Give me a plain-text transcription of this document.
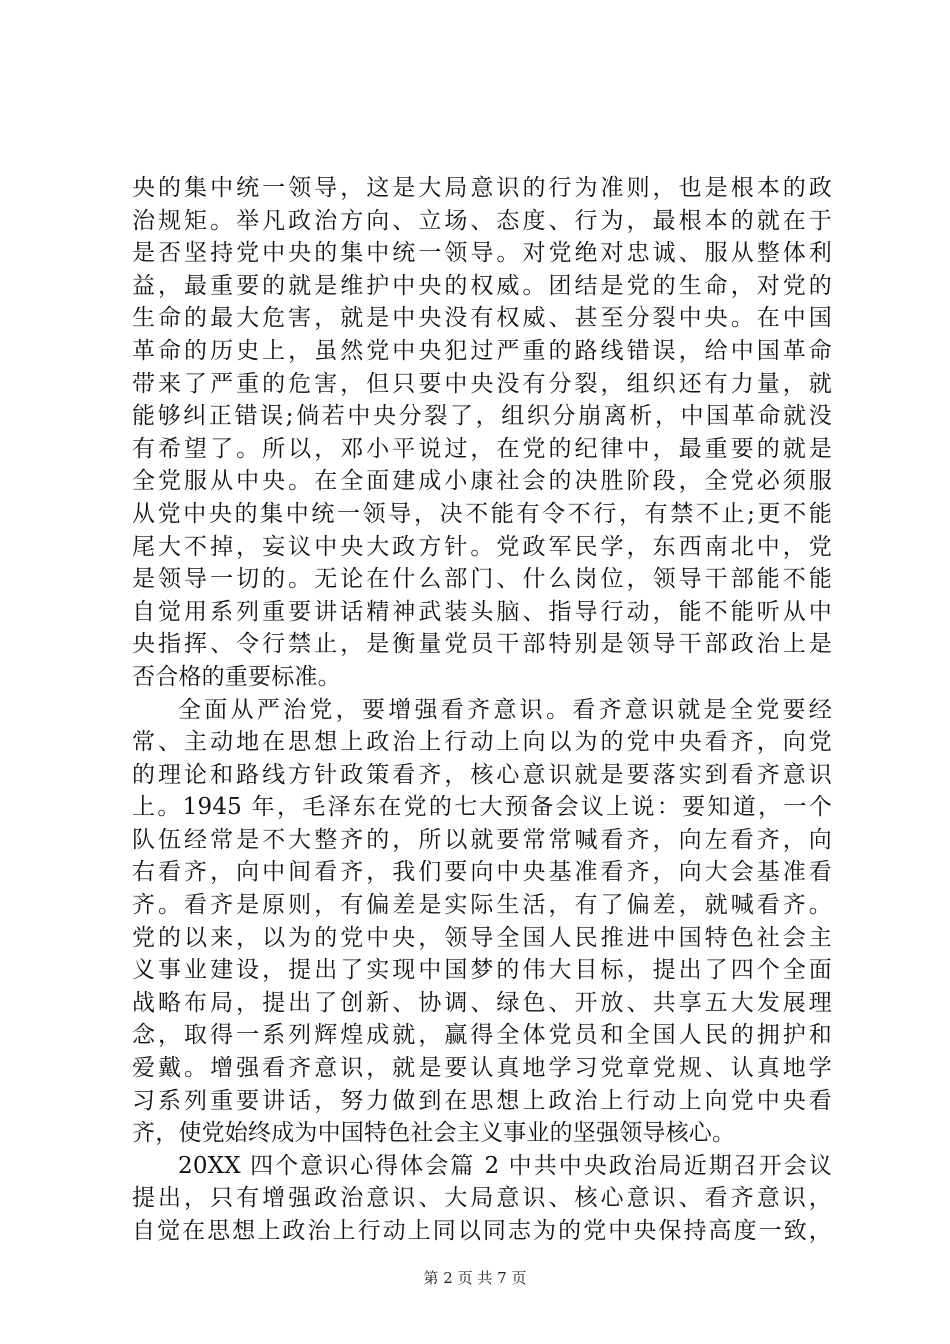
央的集中统一领导，这是大局意识的行为准则，也是根本的政
治规矩。举凡政治方向、立场、态度、行为，最根本的就在于
是否坚持党中央的集中统一领导。对党绝对忠诚、服从整体利
益，最重要的就是维护中央的权威。团结是党的生命，对党的
生命的最大危害，就是中央没有权威、甚至分裂中央。在中国
革命的历史上，虽然党中央犯过严重的路线错误，给中国革命
带来了严重的危害，但只要中央没有分裂，组织还有力量，就
能够纠正错误;倘若中央分裂了，组织分崩离析，中国革命就没
有希望了。所以，邓小平说过，在党的纪律中，最重要的就是
全党服从中央。在全面建成小康社会的决胜阶段，全党必须服
从党中央的集中统一领导，决不能有令不行，有禁不止;更不能
尾大不掉，妄议中央大政方针。党政军民学，东西南北中，党
是领导一切的。无论在什么部门、什么岗位，领导干部能不能
自觉用系列重要讲话精神武装头脑、指导行动，能不能听从中
央指挥、令行禁止，是衡量党员干部特别是领导干部政治上是
否合格的重要标准。
全面从严治党，要增强看齐意识。看齐意识就是全党要经
常、主动地在思想上政治上行动上向以为的党中央看齐，向党
的理论和路线方针政策看齐，核心意识就是要落实到看齐意识
上。1945 年，毛泽东在党的七大预备会议上说：要知道，一个
队伍经常是不大整齐的，所以就要常常喊看齐，向左看齐，向
右看齐，向中间看齐，我们要向中央基准看齐，向大会基准看
齐。看齐是原则，有偏差是实际生活，有了偏差，就喊看齐。
党的以来，以为的党中央，领导全国人民推进中国特色社会主
义事业建设，提出了实现中国梦的伟大目标，提出了四个全面
战略布局，提出了创新、协调、绿色、开放、共享五大发展理
念，取得一系列辉煌成就，赢得全体党员和全国人民的拥护和
爱戴。增强看齐意识，就是要认真地学习党章党规、认真地学
习系列重要讲话，努力做到在思想上政治上行动上向党中央看
齐，使党始终成为中国特色社会主义事业的坚强领导核心。
20XX 四个意识心得体会篇 2 中共中央政治局近期召开会议
提出，只有增强政治意识、大局意识、核心意识、看齐意识，
自觉在思想上政治上行动上同以同志为的党中央保持高度一致，
第 2 页 共 7 页
